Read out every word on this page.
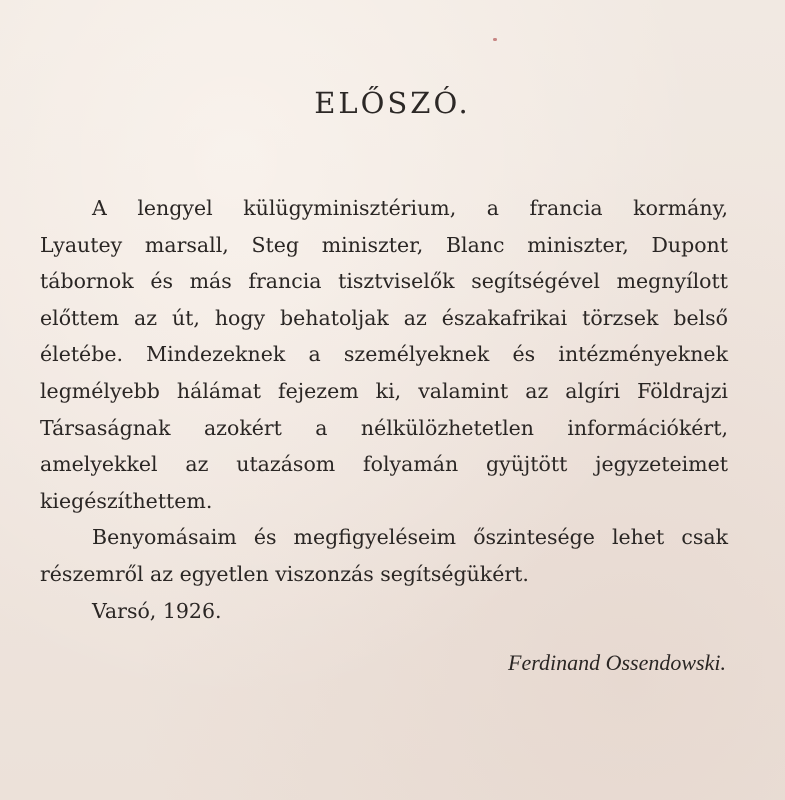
ELŐSZÓ.
A lengyel külügyminisztérium, a francia kormány,
Lyautey marsall, Steg miniszter, Blanc miniszter, Dupont
tábornok és más francia tisztviselők segítségével megnyílott
előttem az út, hogy behatoljak az északafrikai törzsek belső
életébe. Mindezeknek a személyeknek és intézményeknek
legmélyebb hálámat fejezem ki, valamint az algíri Földrajzi
Társaságnak azokért a nélkülözhetetlen információkért,
amelyekkel az utazásom folyamán gyüjtött jegyzeteimet
kiegészíthettem.
Benyomásaim és megfigyeléseim őszintesége lehet csak
részemről az egyetlen viszonzás segítségükért.
Varsó, 1926.
Ferdinand Ossendowski.
